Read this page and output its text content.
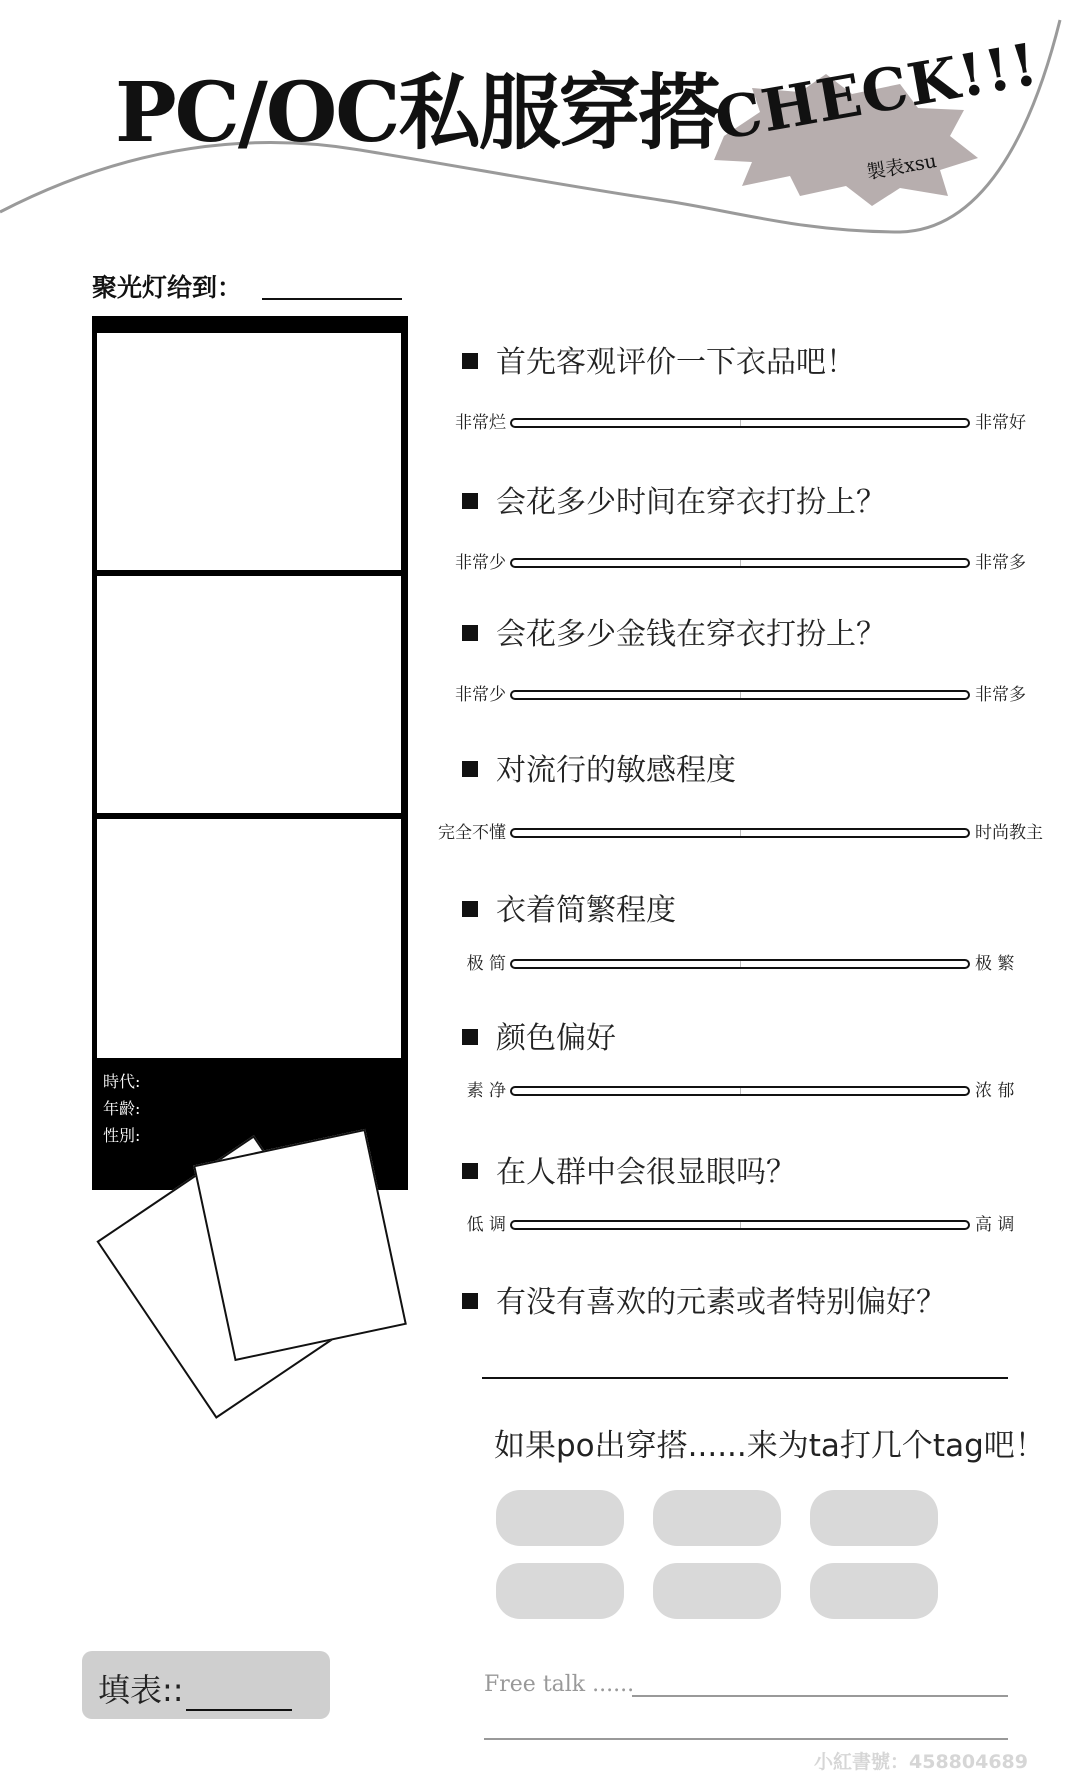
PC/OC私服穿搭
CHECK!!!
製表xsu
聚光灯给到：
時代:
年齡:
性別:
首先客观评价一下衣品吧！
非常烂	非常好
会花多少时间在穿衣打扮上？
非常少	非常多
会花多少金钱在穿衣打扮上？
非常少	非常多
对流行的敏感程度
完全不懂	时尚教主
衣着简繁程度
极 简	极 繁
颜色偏好
素 净	浓 郁
在人群中会很显眼吗？
低 调	高 调
有没有喜欢的元素或者特别偏好？
如果po出穿搭......来为ta打几个tag吧！
填表::	Free talk ......
小紅書號：458804689
